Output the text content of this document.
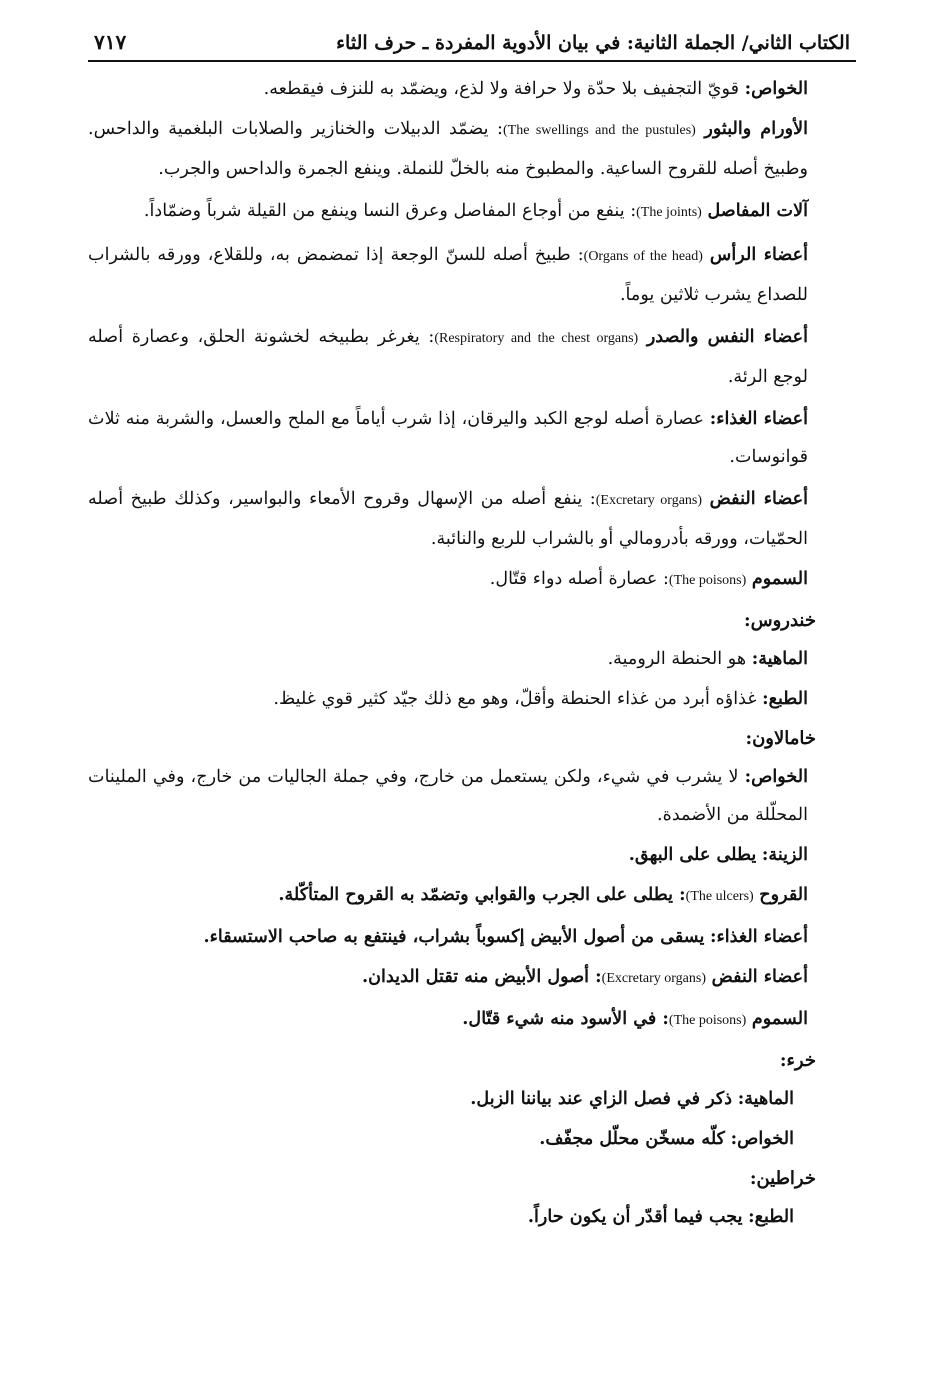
الكتاب الثاني/ الجملة الثانية: في بيان الأدوية المفردة ـ حرف الثاء
٧١٧

الخواص: قويّ التجفيف بلا حدّة ولا حرافة ولا لذع، ويضمّد به للنزف فيقطعه.

الأورام والبثور (The swellings and the pustules): يضمّد الدبيلات والخنازير والصلابات البلغمية والداحس. وطبيخ أصله للقروح الساعية. والمطبوخ منه بالخلّ للنملة. وينفع الجمرة والداحس والجرب.

آلات المفاصل (The joints): ينفع من أوجاع المفاصل وعرق النسا وينفع من القيلة شرباً وضمّاداً.

أعضاء الرأس (Organs of the head): طبيخ أصله للسنّ الوجعة إذا تمضمض به، وللقلاع، وورقه بالشراب للصداع يشرب ثلاثين يوماً.

أعضاء النفس والصدر (Respiratory and the chest organs): يغرغر بطبيخه لخشونة الحلق، وعصارة أصله لوجع الرئة.

أعضاء الغذاء: عصارة أصله لوجع الكبد واليرقان، إذا شرب أياماً مع الملح والعسل، والشربة منه ثلاث قوانوسات.

أعضاء النفض (Excretary organs): ينفع أصله من الإسهال وقروح الأمعاء والبواسير، وكذلك طبيخ أصله الحمّيات، وورقه بأدرومالي أو بالشراب للربع والنائبة.

السموم (The poisons): عصارة أصله دواء قتّال.

خندروس:

الماهية: هو الحنطة الرومية.

الطبع: غذاؤه أبرد من غذاء الحنطة وأقلّ، وهو مع ذلك جيّد كثير قوي غليظ.

خامالاون:

الخواص: لا يشرب في شيء، ولكن يستعمل من خارج، وفي جملة الجاليات من خارج، وفي الملينات المحلّلة من الأضمدة.

الزينة: يطلى على البهق.

القروح (The ulcers): يطلى على الجرب والقوابي وتضمّد به القروح المتأكّلة.

أعضاء الغذاء: يسقى من أصول الأبيض إكسوباً بشراب، فينتفع به صاحب الاستسقاء.

أعضاء النفض (Excretary organs): أصول الأبيض منه تقتل الديدان.

السموم (The poisons): في الأسود منه شيء قتّال.

خرء:

الماهية: ذكر في فصل الزاي عند بياننا الزبل.

الخواص: كلّه مسخّن محلّل مجفّف.

خراطين:

الطبع: يجب فيما أقدّر أن يكون حاراً.
